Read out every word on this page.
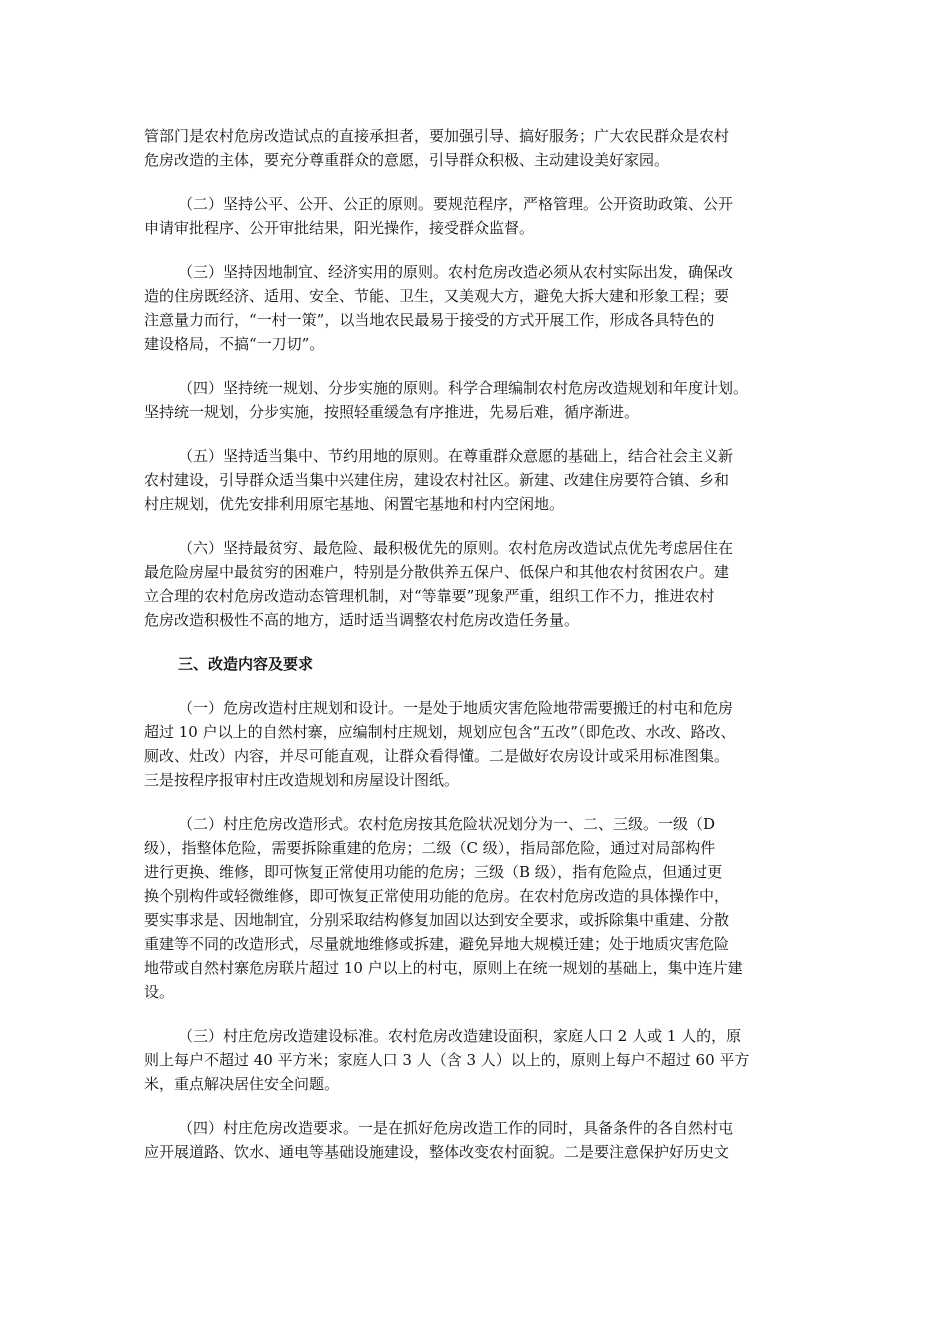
管部门是农村危房改造试点的直接承担者，要加强引导、搞好服务；广大农民群众是农村
危房改造的主体，要充分尊重群众的意愿，引导群众积极、主动建设美好家园。
（二）坚持公平、公开、公正的原则。要规范程序，严格管理。公开资助政策、公开
申请审批程序、公开审批结果，阳光操作，接受群众监督。
（三）坚持因地制宜、经济实用的原则。农村危房改造必须从农村实际出发，确保改
造的住房既经济、适用、安全、节能、卫生，又美观大方，避免大拆大建和形象工程；要
注意量力而行，“一村一策”，以当地农民最易于接受的方式开展工作，形成各具特色的
建设格局，不搞“一刀切”。
（四）坚持统一规划、分步实施的原则。科学合理编制农村危房改造规划和年度计划。
坚持统一规划，分步实施，按照轻重缓急有序推进，先易后难，循序渐进。
（五）坚持适当集中、节约用地的原则。在尊重群众意愿的基础上，结合社会主义新
农村建设，引导群众适当集中兴建住房，建设农村社区。新建、改建住房要符合镇、乡和
村庄规划，优先安排利用原宅基地、闲置宅基地和村内空闲地。
（六）坚持最贫穷、最危险、最积极优先的原则。农村危房改造试点优先考虑居住在
最危险房屋中最贫穷的困难户，特别是分散供养五保户、低保户和其他农村贫困农户。建
立合理的农村危房改造动态管理机制，对“等靠要”现象严重，组织工作不力，推进农村
危房改造积极性不高的地方，适时适当调整农村危房改造任务量。
三、改造内容及要求
（一）危房改造村庄规划和设计。一是处于地质灾害危险地带需要搬迁的村屯和危房
超过 10 户以上的自然村寨，应编制村庄规划，规划应包含“五改”（即危改、水改、路改、
厕改、灶改）内容，并尽可能直观，让群众看得懂。二是做好农房设计或采用标准图集。
三是按程序报审村庄改造规划和房屋设计图纸。
（二）村庄危房改造形式。农村危房按其危险状况划分为一、二、三级。一级（D
级），指整体危险，需要拆除重建的危房；二级（C 级），指局部危险，通过对局部构件
进行更换、维修，即可恢复正常使用功能的危房；三级（B 级），指有危险点，但通过更
换个别构件或轻微维修，即可恢复正常使用功能的危房。在农村危房改造的具体操作中，
要实事求是、因地制宜，分别采取结构修复加固以达到安全要求，或拆除集中重建、分散
重建等不同的改造形式，尽量就地维修或拆建，避免异地大规模迁建；处于地质灾害危险
地带或自然村寨危房联片超过 10 户以上的村屯，原则上在统一规划的基础上，集中连片建
设。
（三）村庄危房改造建设标准。农村危房改造建设面积，家庭人口 2 人或 1 人的，原
则上每户不超过 40 平方米；家庭人口 3 人（含 3 人）以上的，原则上每户不超过 60 平方
米，重点解决居住安全问题。
（四）村庄危房改造要求。一是在抓好危房改造工作的同时，具备条件的各自然村屯
应开展道路、饮水、通电等基础设施建设，整体改变农村面貌。二是要注意保护好历史文
